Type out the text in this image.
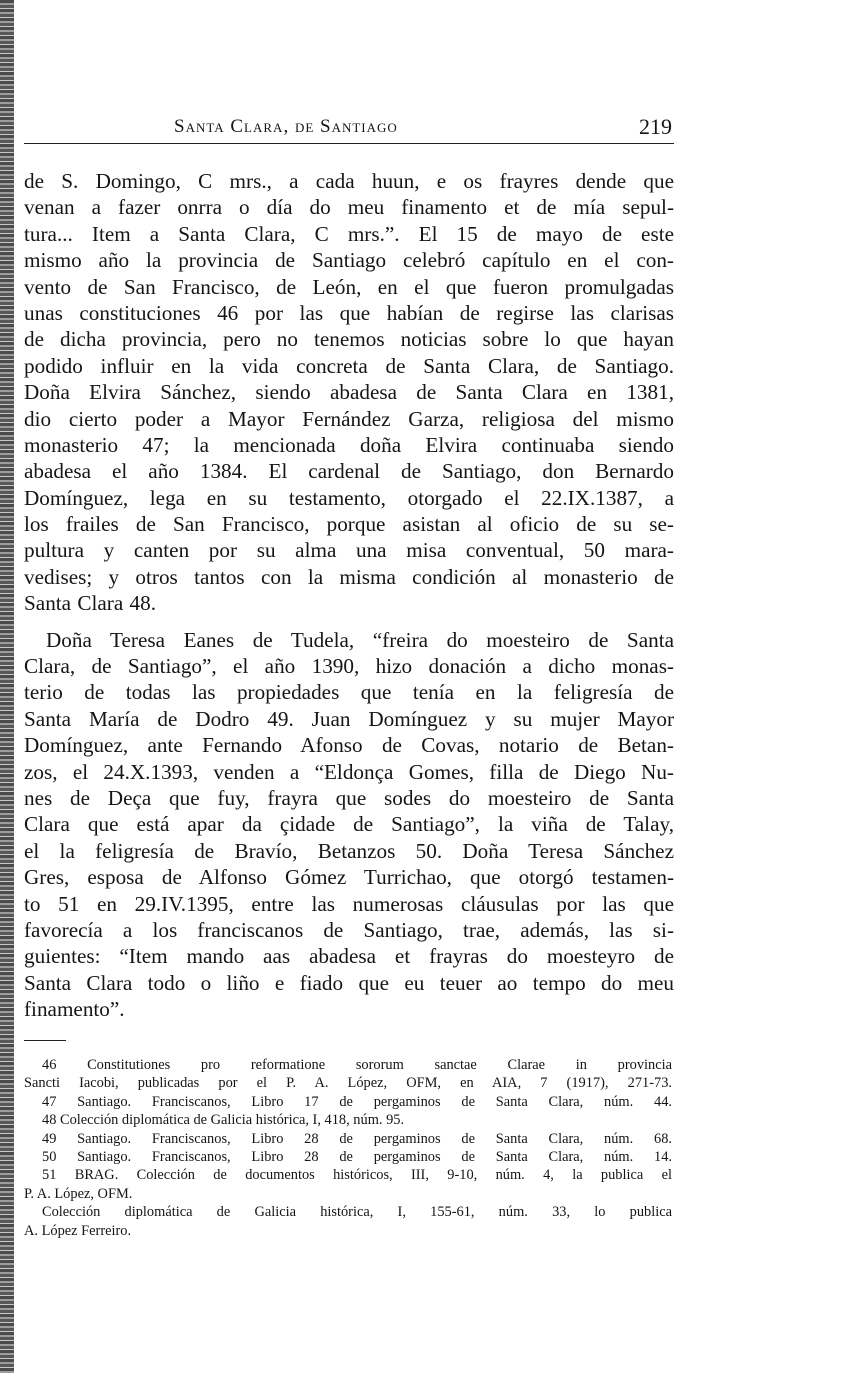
Santa Clara, de Santiago	219
de S. Domingo, C mrs., a cada huun, e os frayres dende que
venan a fazer onrra o día do meu finamento et de mía sepul-
tura... Item a Santa Clara, C mrs.”. El 15 de mayo de este
mismo año la provincia de Santiago celebró capítulo en el con-
vento de San Francisco, de León, en el que fueron promulgadas
unas constituciones 46 por las que habían de regirse las clarisas
de dicha provincia, pero no tenemos noticias sobre lo que hayan
podido influir en la vida concreta de Santa Clara, de Santiago.
Doña Elvira Sánchez, siendo abadesa de Santa Clara en 1381,
dio cierto poder a Mayor Fernández Garza, religiosa del mismo
monasterio 47; la mencionada doña Elvira continuaba siendo
abadesa el año 1384. El cardenal de Santiago, don Bernardo
Domínguez, lega en su testamento, otorgado el 22.IX.1387, a
los frailes de San Francisco, porque asistan al oficio de su se-
pultura y canten por su alma una misa conventual, 50 mara-
vedises; y otros tantos con la misma condición al monasterio de
Santa Clara 48.
Doña Teresa Eanes de Tudela, “freira do moesteiro de Santa
Clara, de Santiago”, el año 1390, hizo donación a dicho monas-
terio de todas las propiedades que tenía en la feligresía de
Santa María de Dodro 49. Juan Domínguez y su mujer Mayor
Domínguez, ante Fernando Afonso de Covas, notario de Betan-
zos, el 24.X.1393, venden a “Eldonça Gomes, filla de Diego Nu-
nes de Deça que fuy, frayra que sodes do moesteiro de Santa
Clara que está apar da çidade de Santiago”, la viña de Talay,
el la feligresía de Bravío, Betanzos 50. Doña Teresa Sánchez
Gres, esposa de Alfonso Gómez Turrichao, que otorgó testamen-
to 51 en 29.IV.1395, entre las numerosas cláusulas por las que
favorecía a los franciscanos de Santiago, trae, además, las si-
guientes: “Item mando aas abadesa et frayras do moesteyro de
Santa Clara todo o liño e fiado que eu teuer ao tempo do meu
finamento”.
46 Constitutiones pro reformatione sororum sanctae Clarae in provincia
Sancti Iacobi, publicadas por el P. A. López, OFM, en AIA, 7 (1917), 271-73.
47 Santiago. Franciscanos, Libro 17 de pergaminos de Santa Clara, núm. 44.
48 Colección diplomática de Galicia histórica, I, 418, núm. 95.
49 Santiago. Franciscanos, Libro 28 de pergaminos de Santa Clara, núm. 68.
50 Santiago. Franciscanos, Libro 28 de pergaminos de Santa Clara, núm. 14.
51 BRAG. Colección de documentos históricos, III, 9-10, núm. 4, la publica el
P. A. López, OFM.
Colección diplomática de Galicia histórica, I, 155-61, núm. 33, lo publica
A. López Ferreiro.
